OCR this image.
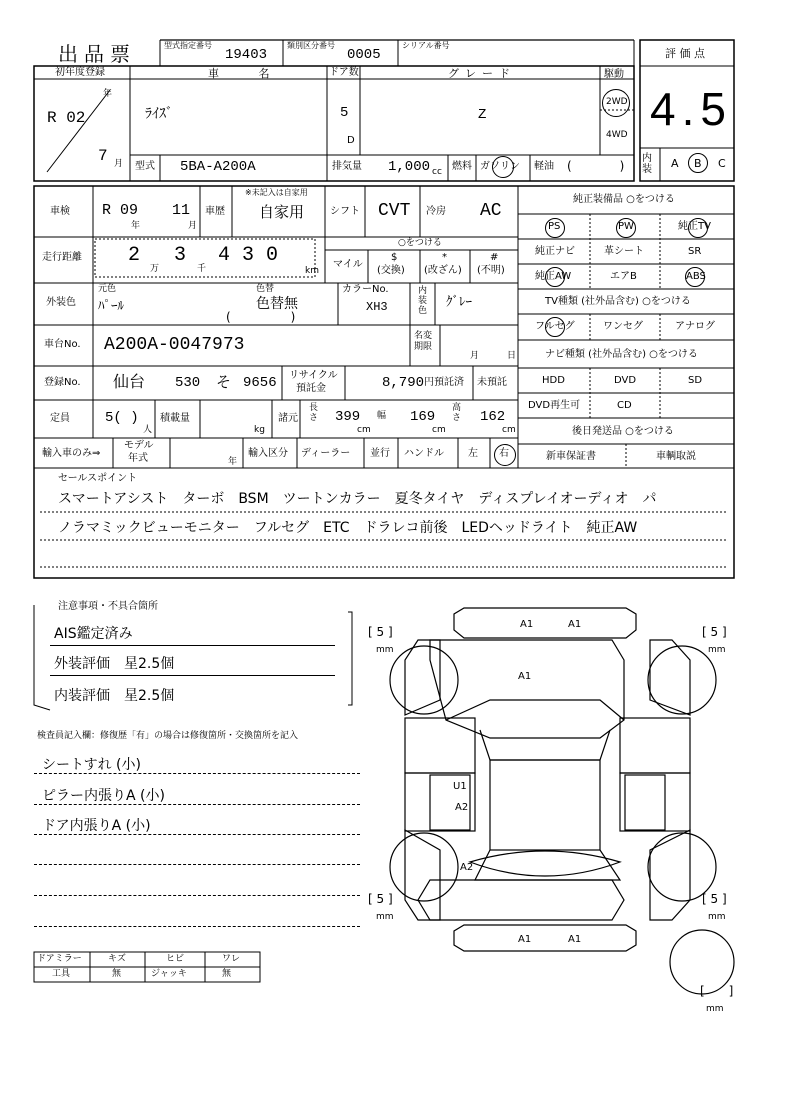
出品票	型式指定番号
19403
類別区分番号
0005
シリアル番号
評 価 点
4.5
内
装	A B C
初年度登録	車 名	ドア数	グレード	駆動
年
R 02
7 月
ﾗｲｽﾞ	5
D
Z
2WD
4WD
型式 5BA-A200A	排気量 1,000 cc 燃料 ガソリン 軽油 (　　　　)
車検 R 09
年
11
月
車歴
※未記入は自家用
自家用	シフト CVT 冷房 AC
走行距離 2
万
3
千
4 3 0
km
○をつける
マイル
$
(交換)
*
(改ざん)
#
(不明)
外装色
元色
ﾊﾟｰﾙ
色替
色替無
(　　　　　)
カラーNo.
XH3
内
装
色
ｸﾞﾚｰ
車台No. A200A-0047973	名変
期限
月	日
登録No. 仙台 530 そ 9656 リサイクル
預託金	8,790 円預託済 未預託
定員	5( )
人
積載量
kg
諸元
長さ 399
cm
幅 169
cm
高さ 162
cm
輸入車のみ⇒
モデル
年式	年
輸入区分 ディーラー 並行 ハンドル 左 右
純正装備品 ○をつける
PS	PW	純正TV
純正ナビ	革シート	SR
純正AW	エアB	ABS
TV種類 (社外品含む) ○をつける
フルセグ	ワンセグ	アナログ
ナビ種類 (社外品含む) ○をつける
HDD	DVD	SD
DVD再生可	CD
後日発送品 ○をつける
新車保証書	車輌取説
セールスポイント
スマートアシスト　ターボ　BSM　ツートンカラー　夏冬タイヤ　ディスプレイオーディオ　パ
ノラマミックビューモニター　フルセグ　ETC　ドラレコ前後　LEDヘッドライト　純正AW
注意事項・不具合箇所
AIS鑑定済み
外装評価　星2.5個
内装評価　星2.5個
検査員記入欄：修復歴「有」の場合は修復箇所・交換箇所を記入
シートすれ (小)
ピラー内張りA (小)
ドア内張りA (小)
ドアミラー	キズ	ヒビ	ワレ
工具	無	ジャッキ	無
A1	A1
A1
U1
A2
A2
A1	A1
[ 5 ]
mm
[ 5 ]
mm
[ 5 ]
mm
[ 5 ]
mm
[　　]
mm
